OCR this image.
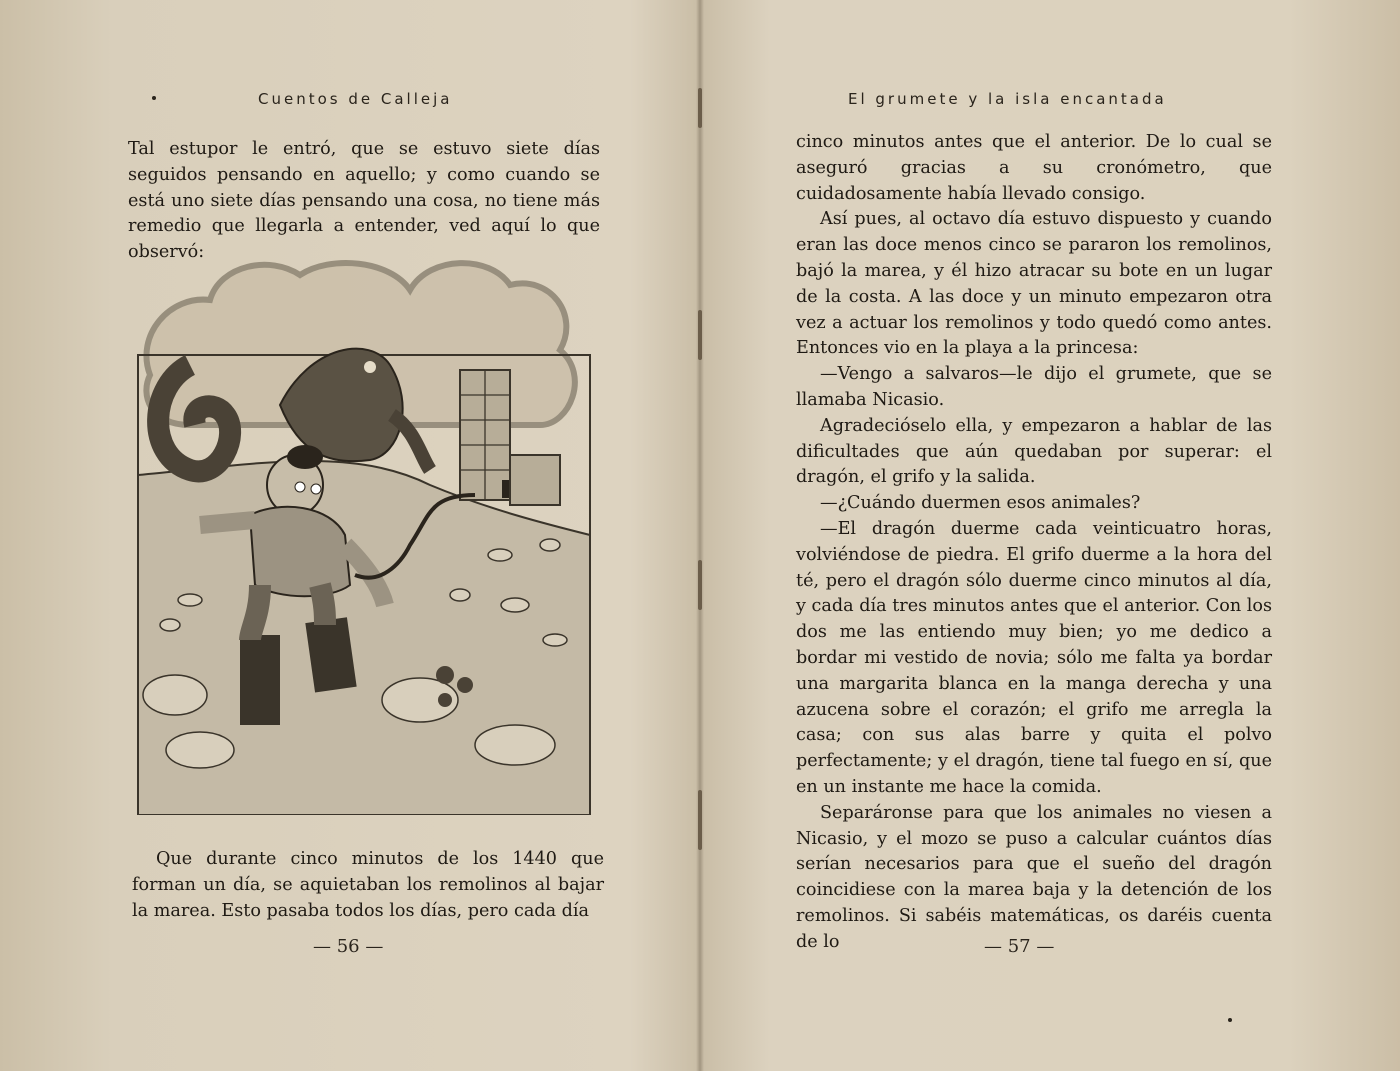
Cuentos de Calleja

Tal estupor le entró, que se estuvo siete días seguidos pensando en aquello; y como cuando se está uno siete días pensando una cosa, no tiene más remedio que llegarla a entender, ved aquí lo que observó:

Que durante cinco minutos de los 1440 que forman un día, se aquietaban los remolinos al bajar la marea. Esto pasaba todos los días, pero cada día

— 56 —
El grumete y la isla encantada

cinco minutos antes que el anterior. De lo cual se aseguró gracias a su cronómetro, que cuidadosamente había llevado consigo.

Así pues, al octavo día estuvo dispuesto y cuando eran las doce menos cinco se pararon los remolinos, bajó la marea, y él hizo atracar su bote en un lugar de la costa. A las doce y un minuto empezaron otra vez a actuar los remolinos y todo quedó como antes. Entonces vio en la playa a la princesa:

—Vengo a salvaros—le dijo el grumete, que se llamaba Nicasio.

Agradecióselo ella, y empezaron a hablar de las dificultades que aún quedaban por superar: el dragón, el grifo y la salida.

—¿Cuándo duermen esos animales?

—El dragón duerme cada veinticuatro horas, volviéndose de piedra. El grifo duerme a la hora del té, pero el dragón sólo duerme cinco minutos al día, y cada día tres minutos antes que el anterior. Con los dos me las entiendo muy bien; yo me dedico a bordar mi vestido de novia; sólo me falta ya bordar una margarita blanca en la manga derecha y una azucena sobre el corazón; el grifo me arregla la casa; con sus alas barre y quita el polvo perfectamente; y el dragón, tiene tal fuego en sí, que en un instante me hace la comida.

Separáronse para que los animales no viesen a Nicasio, y el mozo se puso a calcular cuántos días serían necesarios para que el sueño del dragón coincidiese con la marea baja y la detención de los remolinos. Si sabéis matemáticas, os daréis cuenta de lo	— 57 —
